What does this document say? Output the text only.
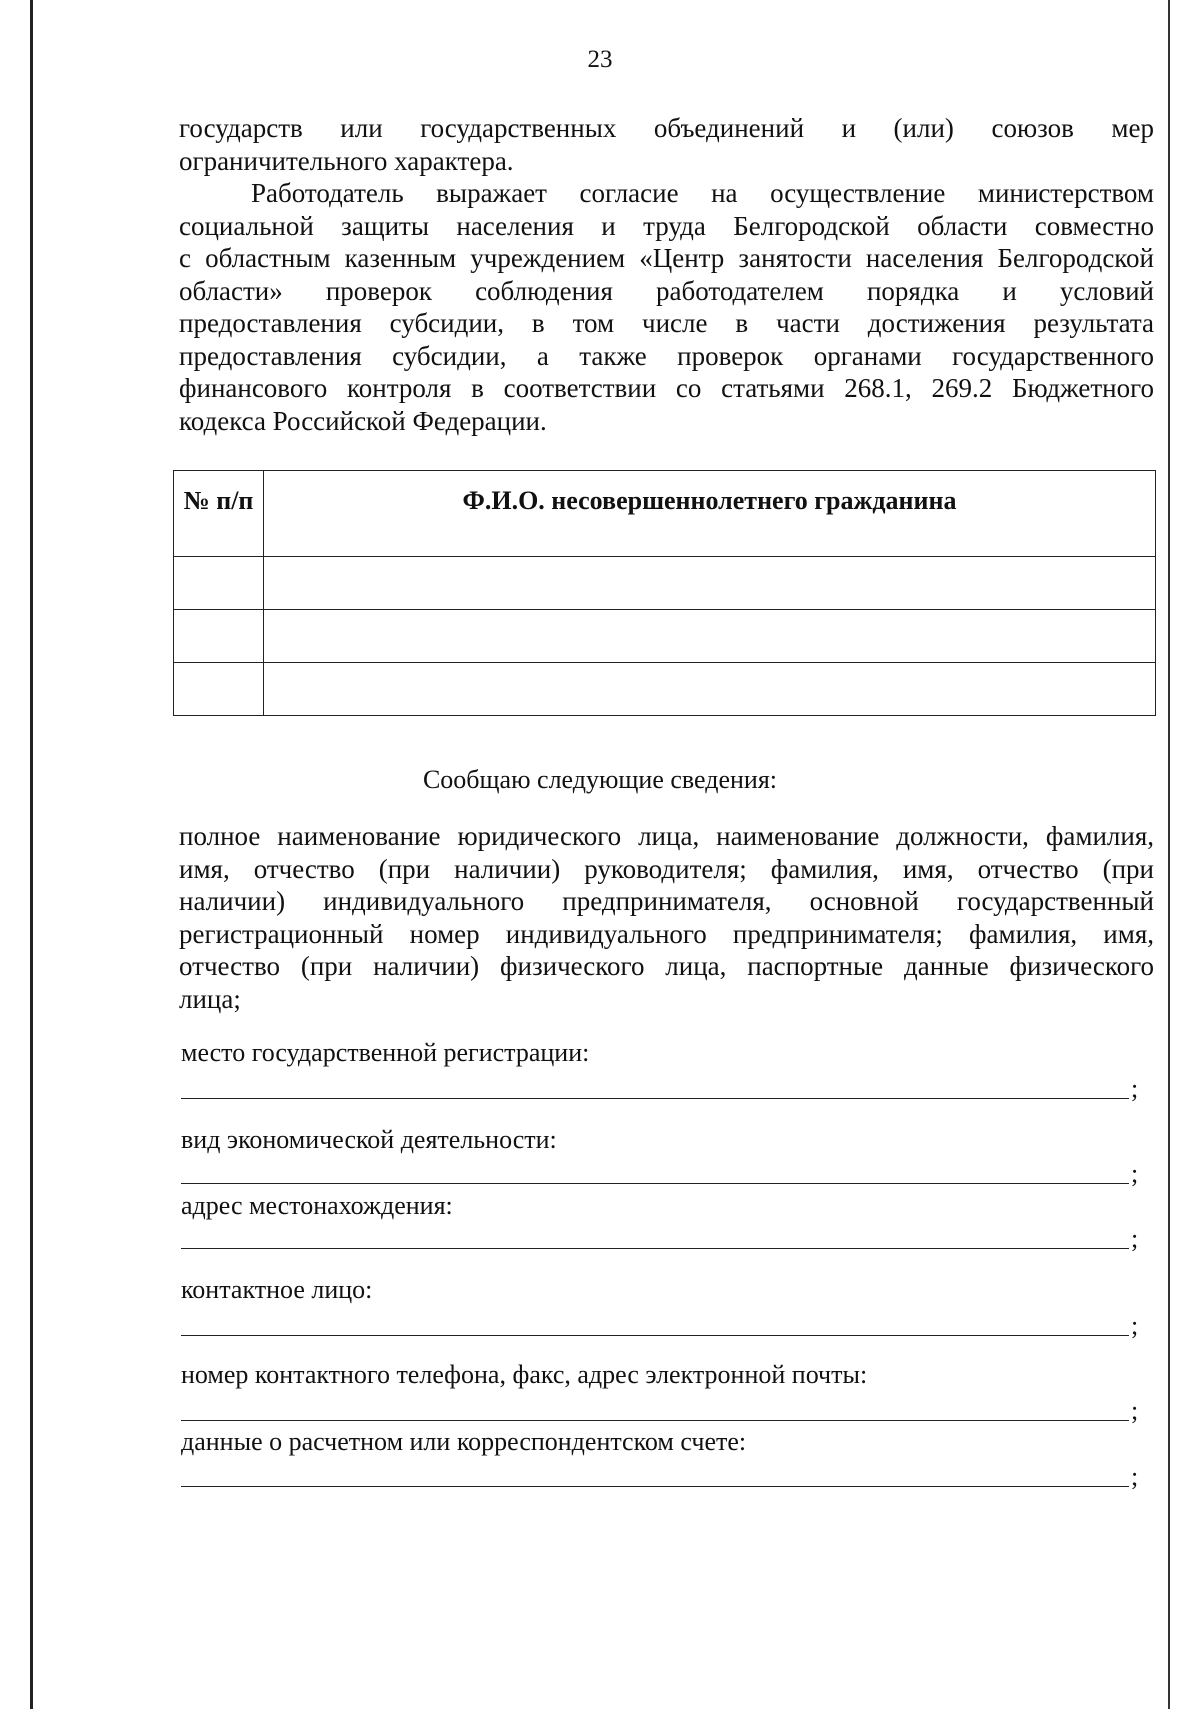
23
государств или государственных объединений и (или) союзов мер
ограничительного характера.
Работодатель выражает согласие на осуществление министерством
социальной защиты населения и труда Белгородской области совместно
с областным казенным учреждением «Центр занятости населения Белгородской
области» проверок соблюдения работодателем порядка и условий
предоставления субсидии, в том числе в части достижения результата
предоставления субсидии, а также проверок органами государственного
финансового контроля в соответствии со статьями 268.1, 269.2 Бюджетного
кодекса Российской Федерации.
№ п/п	Ф.И.О. несовершеннолетнего гражданина

Сообщаю следующие сведения:
полное наименование юридического лица, наименование должности, фамилия,
имя, отчество (при наличии) руководителя; фамилия, имя, отчество (при
наличии) индивидуального предпринимателя, основной государственный
регистрационный номер индивидуального предпринимателя; фамилия, имя,
отчество (при наличии) физического лица, паспортные данные физического
лица;
место государственной регистрации:
;
вид экономической деятельности:
;
адрес местонахождения:
;
контактное лицо:
;
номер контактного телефона, факс, адрес электронной почты:
;
данные о расчетном или корреспондентском счете:
;
